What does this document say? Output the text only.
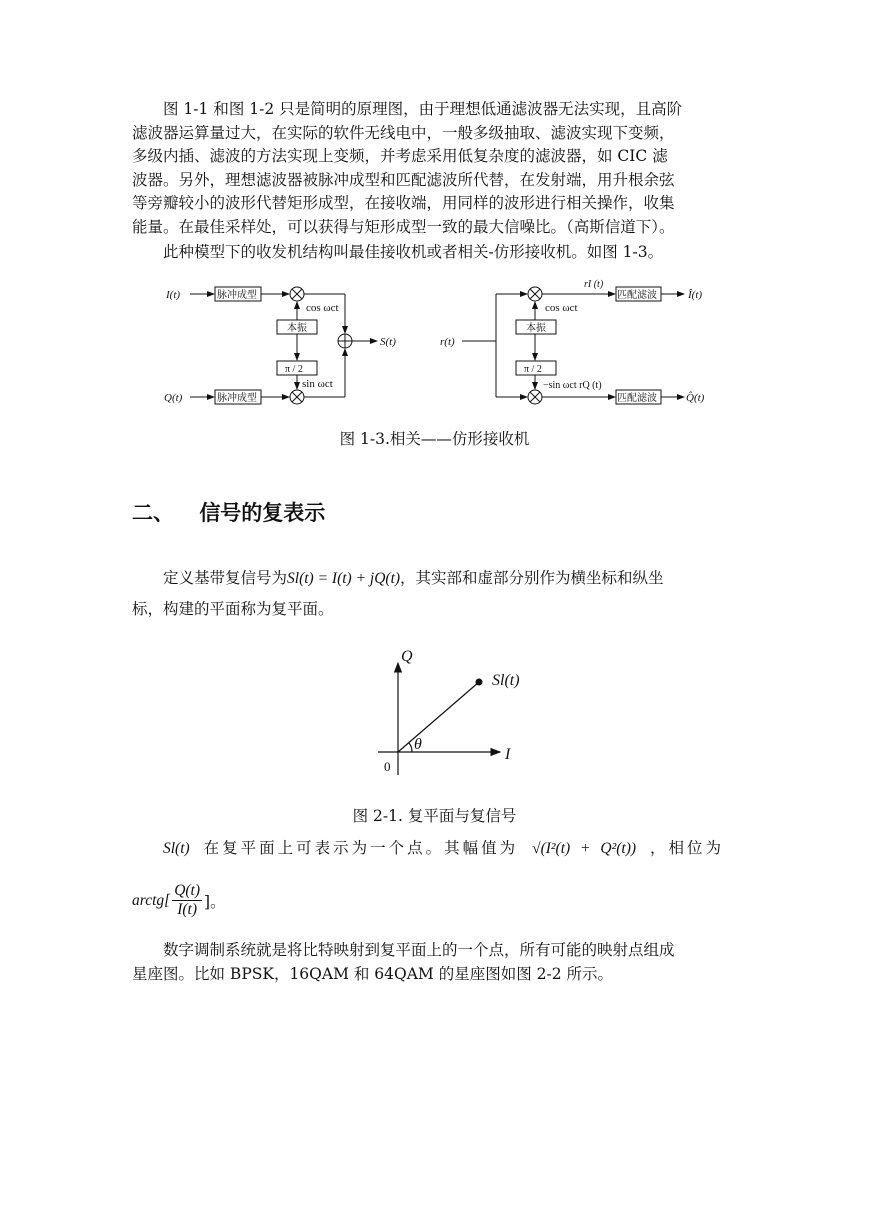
图 1-1 和图 1-2 只是简明的原理图，由于理想低通滤波器无法实现，且高阶
滤波器运算量过大，在实际的软件无线电中，一般多级抽取、滤波实现下变频，
多级内插、滤波的方法实现上变频，并考虑采用低复杂度的滤波器，如 CIC 滤
波器。另外，理想滤波器被脉冲成型和匹配滤波所代替，在发射端，用升根余弦
等旁瓣较小的波形代替矩形成型，在接收端，用同样的波形进行相关操作，收集
能量。在最佳采样处，可以获得与矩形成型一致的最大信噪比。（高斯信道下）。
此种模型下的收发机结构叫最佳接收机或者相关-仿形接收机。如图 1-3。
I(t)
Q(t)
脉冲成型
脉冲成型
cos ωct
本振
π / 2
sin ωct
S(t)	r(t)
rI (t)
cos ωct
本振
π / 2
−sin ωct rQ (t)
匹配滤波
匹配滤波
Î(t)
Q̂(t)
图 1-3.相关——仿形接收机
二、 信号的复表示
定义基带复信号为Sl(t) = I(t) + jQ(t)，其实部和虚部分别作为横坐标和纵坐
标，构建的平面称为复平面。
Q
I
Sl(t)
θ
0
图 2-1. 复平面与复信号
Sl(t) 在复平面上可表示为一个点。其幅值为 √(I²(t) + Q²(t)) ，相位为
arctg[ $\frac{Q(t)}{I(t)}$ ]。
数字调制系统就是将比特映射到复平面上的一个点，所有可能的映射点组成
星座图。比如 BPSK，16QAM 和 64QAM 的星座图如图 2-2 所示。
